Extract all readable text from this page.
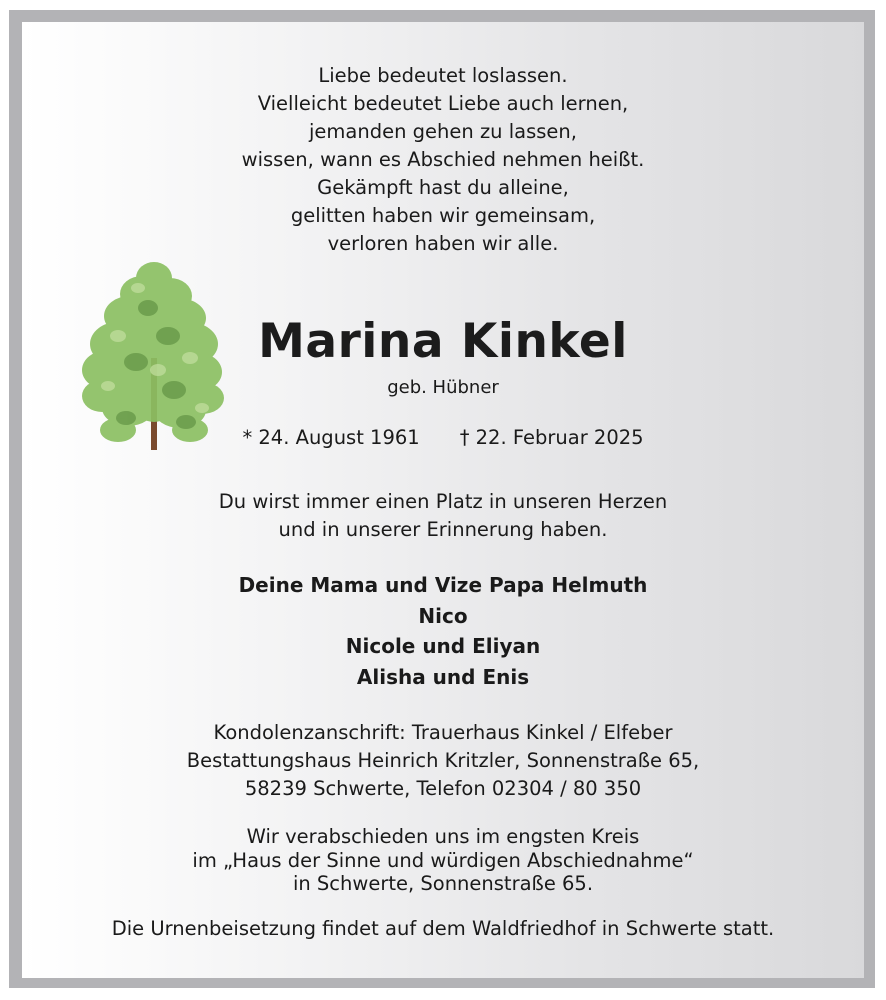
Liebe bedeutet loslassen.
Vielleicht bedeutet Liebe auch lernen,
jemanden gehen zu lassen,
wissen, wann es Abschied nehmen heißt.
Gekämpft hast du alleine,
gelitten haben wir gemeinsam,
verloren haben wir alle.
Marina Kinkel
geb. Hübner
* 24. August 1961 † 22. Februar 2025
Du wirst immer einen Platz in unseren Herzen
und in unserer Erinnerung haben.
Deine Mama und Vize Papa Helmuth
Nico
Nicole und Eliyan
Alisha und Enis
Kondolenzanschrift: Trauerhaus Kinkel / Elfeber
Bestattungshaus Heinrich Kritzler, Sonnenstraße 65,
58239 Schwerte, Telefon 02304 / 80 350
Wir verabschieden uns im engsten Kreis
im „Haus der Sinne und würdigen Abschiednahme“
in Schwerte, Sonnenstraße 65.
Die Urnenbeisetzung findet auf dem Waldfriedhof in Schwerte statt.
